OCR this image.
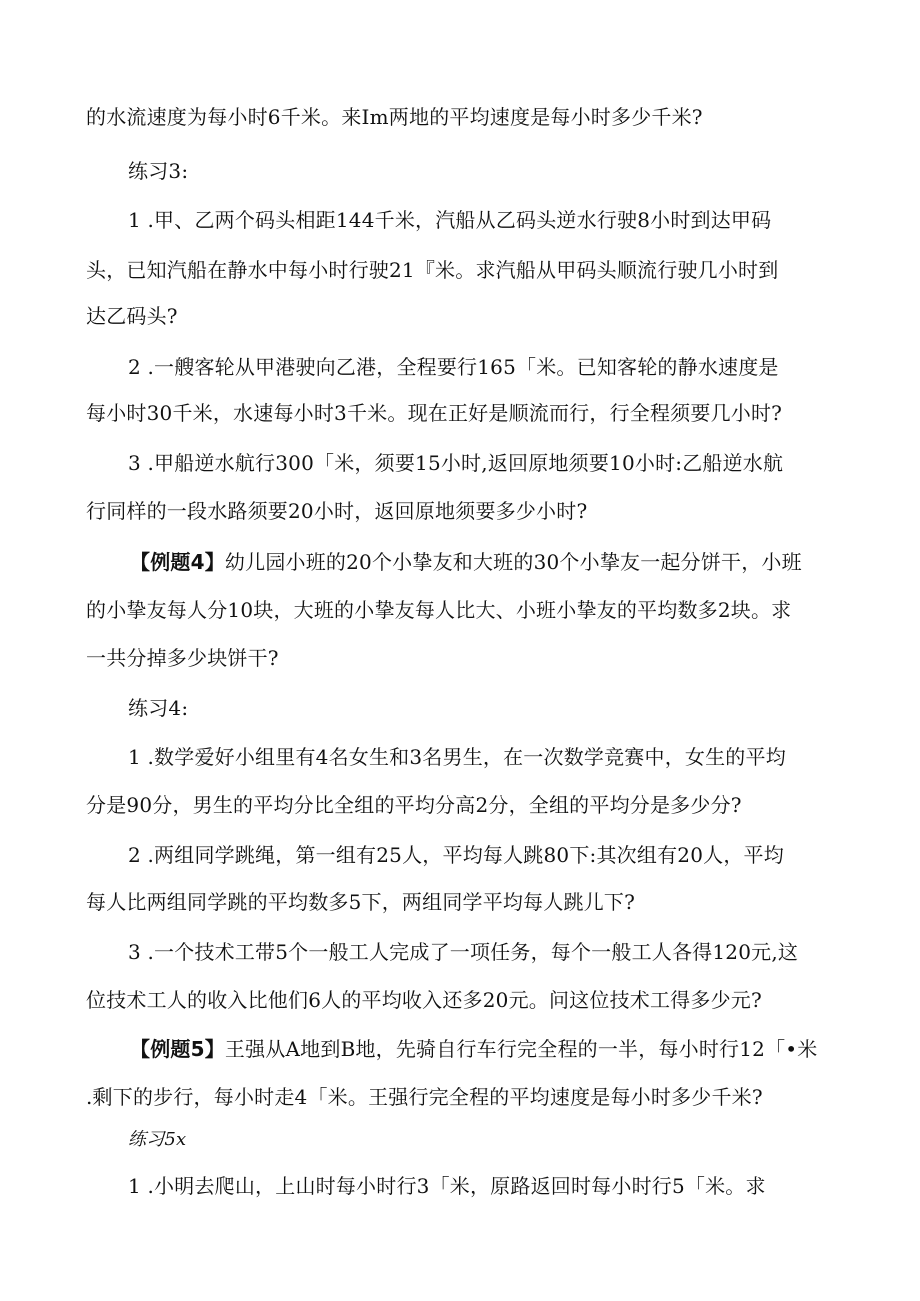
的水流速度为每小时6千米。来Im两地的平均速度是每小时多少千米?
练习3:
1 .甲、乙两个码头相距144千米，汽船从乙码头逆水行驶8小时到达甲码
头，已知汽船在静水中每小时行驶21『米。求汽船从甲码头顺流行驶几小时到
达乙码头?
2 .一艘客轮从甲港驶向乙港，全程要行165「米。已知客轮的静水速度是
每小时30千米，水速每小时3千米。现在正好是顺流而行，行全程须要几小时?
3 .甲船逆水航行300「米，须要15小时,返回原地须要10小时:乙船逆水航
行同样的一段水路须要20小时，返回原地须要多少小时?
【例题4】幼儿园小班的20个小挚友和大班的30个小挚友一起分饼干，小班
的小挚友每人分10块，大班的小挚友每人比大、小班小挚友的平均数多2块。求
一共分掉多少块饼干?
练习4:
1 .数学爱好小组里有4名女生和3名男生，在一次数学竞赛中，女生的平均
分是90分，男生的平均分比全组的平均分高2分，全组的平均分是多少分?
2 .两组同学跳绳，第一组有25人，平均每人跳80下:其次组有20人，平均
每人比两组同学跳的平均数多5下，两组同学平均每人跳儿下?
3 .一个技术工带5个一般工人完成了一项任务，每个一般工人各得120元,这
位技术工人的收入比他们6人的平均收入还多20元。问这位技术工得多少元?
【例题5】王强从A地到B地，先骑自行车行完全程的一半，每小时行12「•米
.剩下的步行，每小时走4「米。王强行完全程的平均速度是每小时多少千米?
练习5x
1 .小明去爬山，上山时每小时行3「米，原路返回时每小时行5「米。求
